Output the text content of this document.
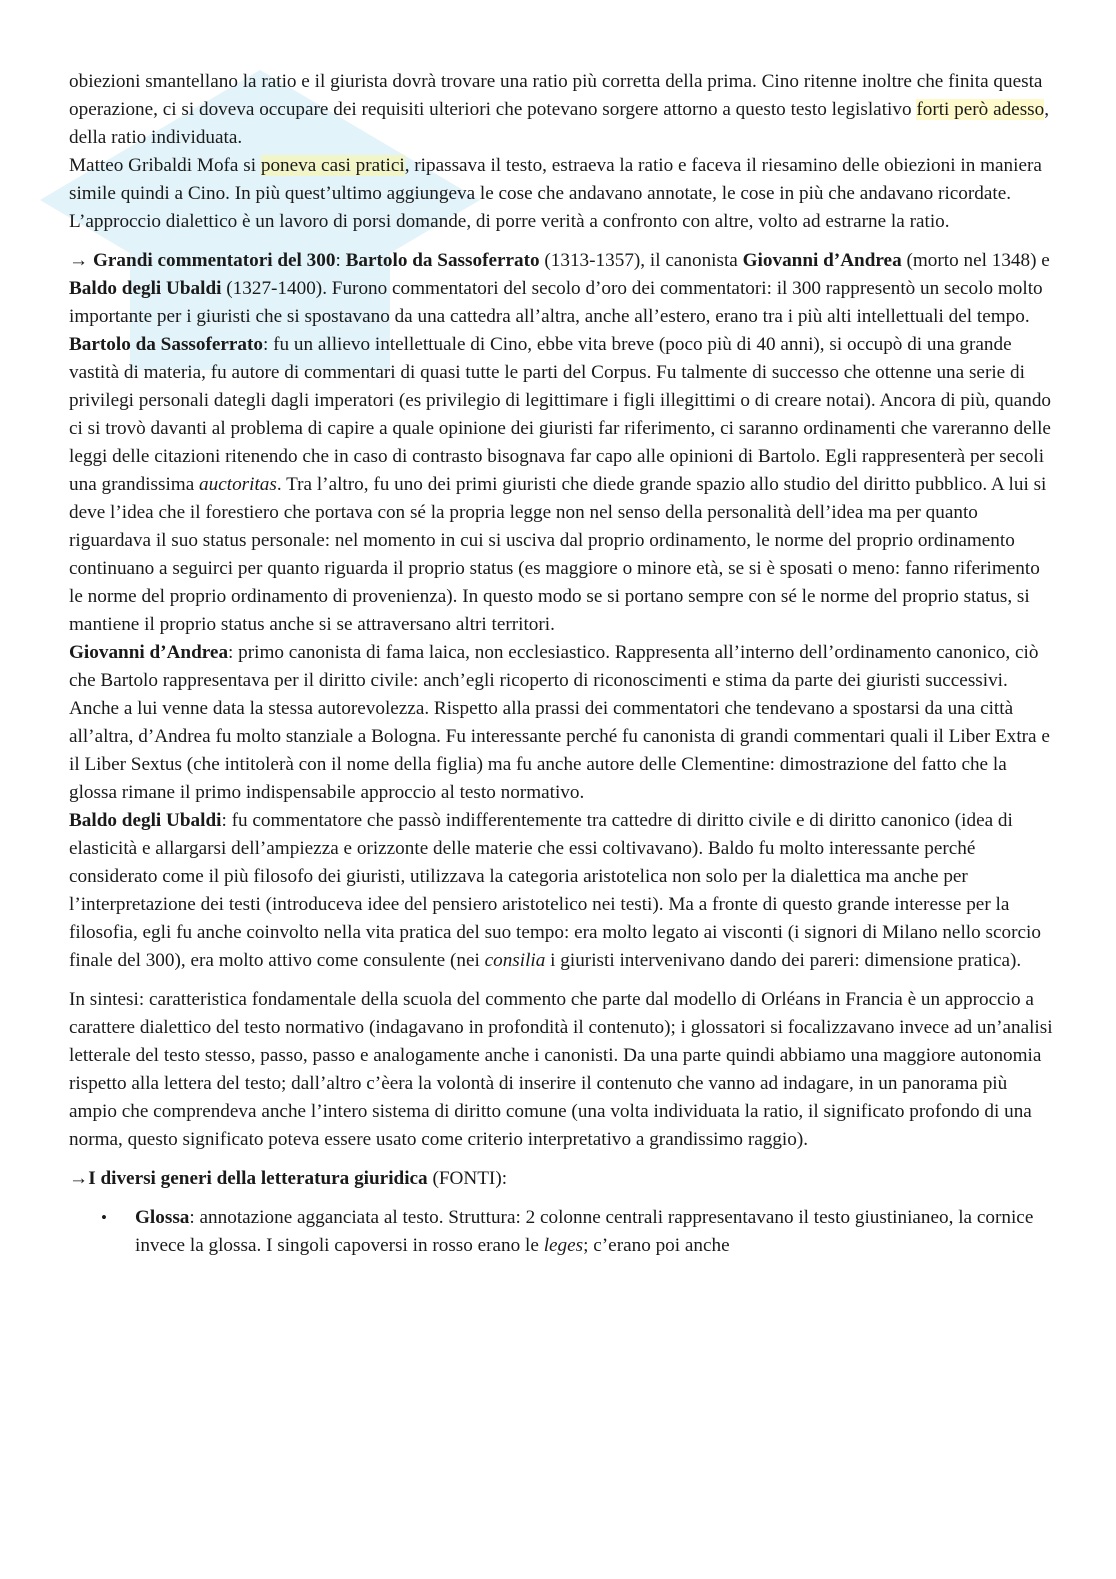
obiezioni smantellano la ratio e il giurista dovrà trovare una ratio più corretta della prima. Cino ritenne inoltre che finita questa operazione, ci si doveva occupare dei requisiti ulteriori che potevano sorgere attorno a questo testo legislativo forti però adesso, della ratio individuata.

Matteo Gribaldi Mofa si poneva casi pratici, ripassava il testo, estraeva la ratio e faceva il riesamino delle obiezioni in maniera simile quindi a Cino. In più quest’ultimo aggiungeva le cose che andavano annotate, le cose in più che andavano ricordate.

L’approccio dialettico è un lavoro di porsi domande, di porre verità a confronto con altre, volto ad estrarne la ratio.

→ Grandi commentatori del 300: Bartolo da Sassoferrato (1313-1357), il canonista Giovanni d’Andrea (morto nel 1348) e Baldo degli Ubaldi (1327-1400). Furono commentatori del secolo d’oro dei commentatori: il 300 rappresentò un secolo molto importante per i giuristi che si spostavano da una cattedra all’altra, anche all’estero, erano tra i più alti intellettuali del tempo.

Bartolo da Sassoferrato: fu un allievo intellettuale di Cino, ebbe vita breve (poco più di 40 anni), si occupò di una grande vastità di materia, fu autore di commentari di quasi tutte le parti del Corpus. Fu talmente di successo che ottenne una serie di privilegi personali dategli dagli imperatori (es privilegio di legittimare i figli illegittimi o di creare notai). Ancora di più, quando ci si trovò davanti al problema di capire a quale opinione dei giuristi far riferimento, ci saranno ordinamenti che vareranno delle leggi delle citazioni ritenendo che in caso di contrasto bisognava far capo alle opinioni di Bartolo. Egli rappresenterà per secoli una grandissima auctoritas. Tra l’altro, fu uno dei primi giuristi che diede grande spazio allo studio del diritto pubblico. A lui si deve l’idea che il forestiero che portava con sé la propria legge non nel senso della personalità dell’idea ma per quanto riguardava il suo status personale: nel momento in cui si usciva dal proprio ordinamento, le norme del proprio ordinamento continuano a seguirci per quanto riguarda il proprio status (es maggiore o minore età, se si è sposati o meno: fanno riferimento le norme del proprio ordinamento di provenienza). In questo modo se si portano sempre con sé le norme del proprio status, si mantiene il proprio status anche si se attraversano altri territori.

Giovanni d’Andrea: primo canonista di fama laica, non ecclesiastico. Rappresenta all’interno dell’ordinamento canonico, ciò che Bartolo rappresentava per il diritto civile: anch’egli ricoperto di riconoscimenti e stima da parte dei giuristi successivi. Anche a lui venne data la stessa autorevolezza. Rispetto alla prassi dei commentatori che tendevano a spostarsi da una città all’altra, d’Andrea fu molto stanziale a Bologna. Fu interessante perché fu canonista di grandi commentari quali il Liber Extra e il Liber Sextus (che intitolerà con il nome della figlia) ma fu anche autore delle Clementine: dimostrazione del fatto che la glossa rimane il primo indispensabile approccio al testo normativo.

Baldo degli Ubaldi: fu commentatore che passò indifferentemente tra cattedre di diritto civile e di diritto canonico (idea di elasticità e allargarsi dell’ampiezza e orizzonte delle materie che essi coltivavano). Baldo fu molto interessante perché considerato come il più filosofo dei giuristi, utilizzava la categoria aristotelica non solo per la dialettica ma anche per l’interpretazione dei testi (introduceva idee del pensiero aristotelico nei testi). Ma a fronte di questo grande interesse per la filosofia, egli fu anche coinvolto nella vita pratica del suo tempo: era molto legato ai visconti (i signori di Milano nello scorcio finale del 300), era molto attivo come consulente (nei consilia i giuristi intervenivano dando dei pareri: dimensione pratica).

In sintesi: caratteristica fondamentale della scuola del commento che parte dal modello di Orléans in Francia è un approccio a carattere dialettico del testo normativo (indagavano in profondità il contenuto); i glossatori si focalizzavano invece ad un’analisi letterale del testo stesso, passo, passo e analogamente anche i canonisti. Da una parte quindi abbiamo una maggiore autonomia rispetto alla lettera del testo; dall’altro c’èera la volontà di inserire il contenuto che vanno ad indagare, in un panorama più ampio che comprendeva anche l’intero sistema di diritto comune (una volta individuata la ratio, il significato profondo di una norma, questo significato poteva essere usato come criterio interpretativo a grandissimo raggio).

→I diversi generi della letteratura giuridica (FONTI):

• Glossa: annotazione agganciata al testo. Struttura: 2 colonne centrali rappresentavano il testo giustinianeo, la cornice invece la glossa. I singoli capoversi in rosso erano le leges; c’erano poi anche
